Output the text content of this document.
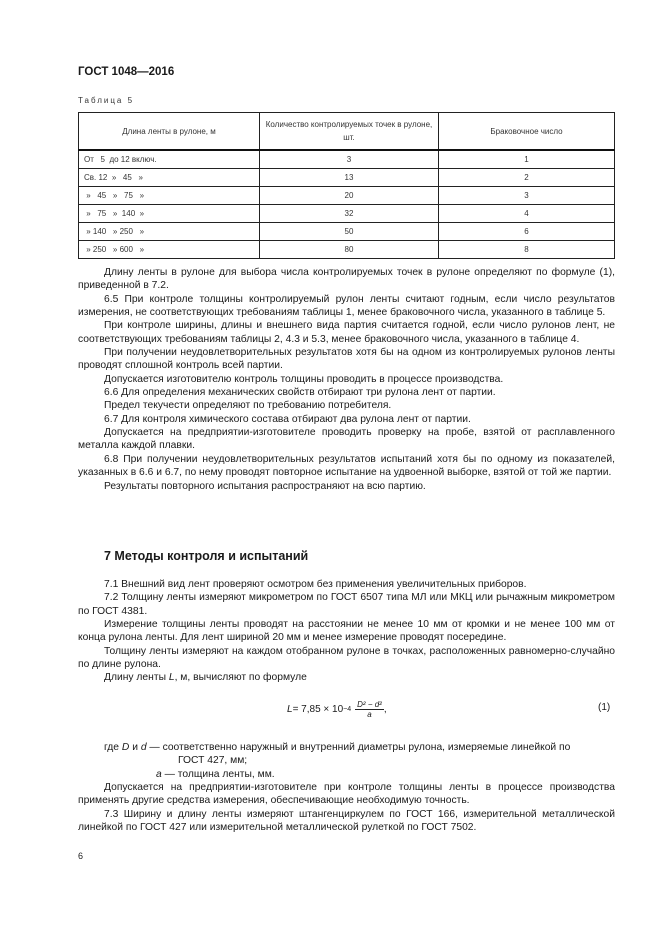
ГОСТ 1048—2016
Таблица 5
Длина ленты в рулоне, м	Количество контролируемых точек в рулоне, шт.	Браковочное число
От   5  до 12 включ.	3	1
Св. 12  »   45   »	13	2
»   45   »   75   »	20	3
»   75   »  140  »	32	4
» 140   » 250   »	50	6
» 250   » 600   »	80	8

Длину ленты в рулоне для выбора числа контролируемых точек в рулоне определяют по формуле (1), приведенной в 7.2.

6.5 При контроле толщины контролируемый рулон ленты считают годным, если число результатов измерения, не соответствующих требованиям таблицы 1, менее браковочного числа, указанного в таблице 5.

При контроле ширины, длины и внешнего вида партия считается годной, если число рулонов лент, не соответствующих требованиям таблицы 2, 4.3 и 5.3, менее браковочного числа, указанного в таблице 4.

При получении неудовлетворительных результатов хотя бы на одном из контролируемых рулонов ленты проводят сплошной контроль всей партии.

Допускается изготовителю контроль толщины проводить в процессе производства.

6.6 Для определения механических свойств отбирают три рулона лент от партии.

Предел текучести определяют по требованию потребителя.

6.7 Для контроля химического состава отбирают два рулона лент от партии.

Допускается на предприятии-изготовителе проводить проверку на пробе, взятой от расплавленного металла каждой плавки.

6.8 При получении неудовлетворительных результатов испытаний хотя бы по одному из показателей, указанных в 6.6 и 6.7, по нему проводят повторное испытание на удвоенной выборке, взятой от той же партии.

Результаты повторного испытания распространяют на всю партию.

7 Методы контроля и испытаний

7.1 Внешний вид лент проверяют осмотром без применения увеличительных приборов.

7.2 Толщину ленты измеряют микрометром по ГОСТ 6507 типа МЛ или МКЦ или рычажным микрометром по ГОСТ 4381.

Измерение толщины ленты проводят на расстоянии не менее 10 мм от кромки и не менее 100 мм от конца рулона ленты. Для лент шириной 20 мм и менее измерение проводят посередине.

Толщину ленты измеряют на каждом отобранном рулоне в точках, расположенных равномерно-случайно по длине рулона.

Длину ленты L, м, вычисляют по формуле

$L = 7,85 \times 10 -4 \frac{\text{D² − d²}}{a}$ ,	(1)

где D и d — соответственно наружный и внутренний диаметры рулона, измеряемые линейкой по

ГОСТ 427, мм;

a — толщина ленты, мм.

Допускается на предприятии-изготовителе при контроле толщины ленты в процессе производства применять другие средства измерения, обеспечивающие необходимую точность.

7.3 Ширину и длину ленты измеряют штангенциркулем по ГОСТ 166, измерительной металлической линейкой по ГОСТ 427 или измерительной металлической рулеткой по ГОСТ 7502.

6
